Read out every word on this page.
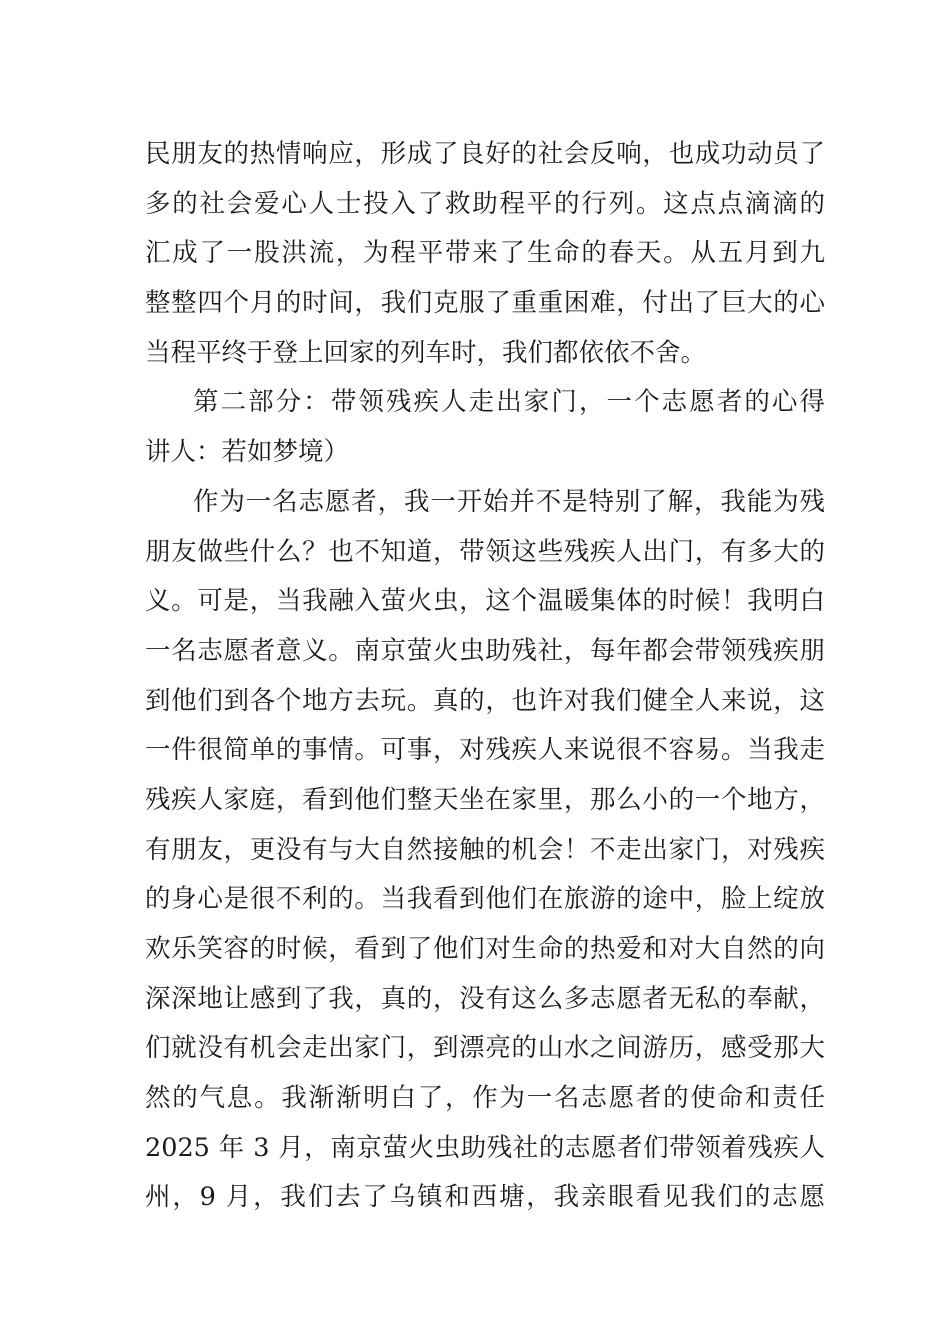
民朋友的热情响应，形成了良好的社会反响，也成功动员了
多的社会爱心人士投入了救助程平的行列。这点点滴滴的
汇成了一股洪流，为程平带来了生命的春天。从五月到九
整整四个月的时间，我们克服了重重困难，付出了巨大的心
当程平终于登上回家的列车时，我们都依依不舍。
第二部分：带领残疾人走出家门，一个志愿者的心得
讲人：若如梦境）
作为一名志愿者，我一开始并不是特别了解，我能为残
朋友做些什么？也不知道，带领这些残疾人出门，有多大的
义。可是，当我融入萤火虫，这个温暖集体的时候！我明白
一名志愿者意义。南京萤火虫助残社，每年都会带领残疾朋
到他们到各个地方去玩。真的，也许对我们健全人来说，这
一件很简单的事情。可事，对残疾人来说很不容易。当我走
残疾人家庭，看到他们整天坐在家里，那么小的一个地方，
有朋友，更没有与大自然接触的机会！不走出家门，对残疾
的身心是很不利的。当我看到他们在旅游的途中，脸上绽放
欢乐笑容的时候，看到了他们对生命的热爱和对大自然的向
深深地让感到了我，真的，没有这么多志愿者无私的奉献，
们就没有机会走出家门，到漂亮的山水之间游历，感受那大
然的气息。我渐渐明白了，作为一名志愿者的使命和责任
2025 年 3 月，南京萤火虫助残社的志愿者们带领着残疾人
州，9 月，我们去了乌镇和西塘，我亲眼看见我们的志愿
